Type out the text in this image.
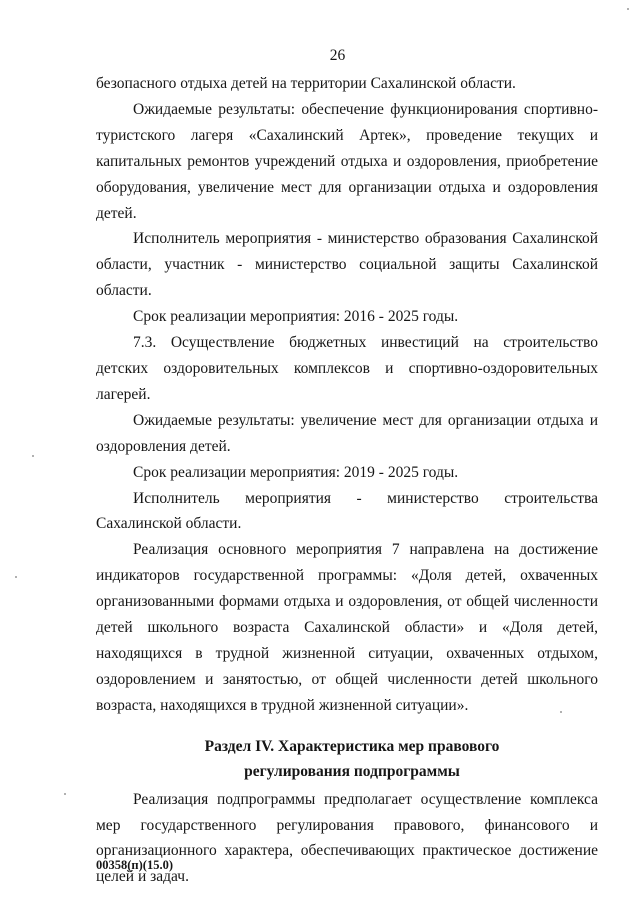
26

безопасного отдыха детей на территории Сахалинской области.

Ожидаемые результаты: обеспечение функционирования спортивно-туристского лагеря «Сахалинский Артек», проведение текущих и капитальных ремонтов учреждений отдыха и оздоровления, приобретение оборудования, увеличение мест для организации отдыха и оздоровления детей.

Исполнитель мероприятия - министерство образования Сахалинской области, участник - министерство социальной защиты Сахалинской области.

Срок реализации мероприятия: 2016 - 2025 годы.

7.3. Осуществление бюджетных инвестиций на строительство детских оздоровительных комплексов и спортивно-оздоровительных лагерей.

Ожидаемые результаты: увеличение мест для организации отдыха и оздоровления детей.

Срок реализации мероприятия: 2019 - 2025 годы.

Исполнитель мероприятия - министерство строительства Сахалинской области.

Реализация основного мероприятия 7 направлена на достижение индикаторов государственной программы: «Доля детей, охваченных организованными формами отдыха и оздоровления, от общей численности детей школьного возраста Сахалинской области» и «Доля детей, находящихся в трудной жизненной ситуации, охваченных отдыхом, оздоровлением и занятостью, от общей численности детей школьного возраста, находящихся в трудной жизненной ситуации».

Раздел IV. Характеристика мер правового
регулирования подпрограммы

Реализация подпрограммы предполагает осуществление комплекса мер государственного регулирования правового, финансового и организационного характера, обеспечивающих практическое достижение целей и задач.

00358(п)(15.0)
